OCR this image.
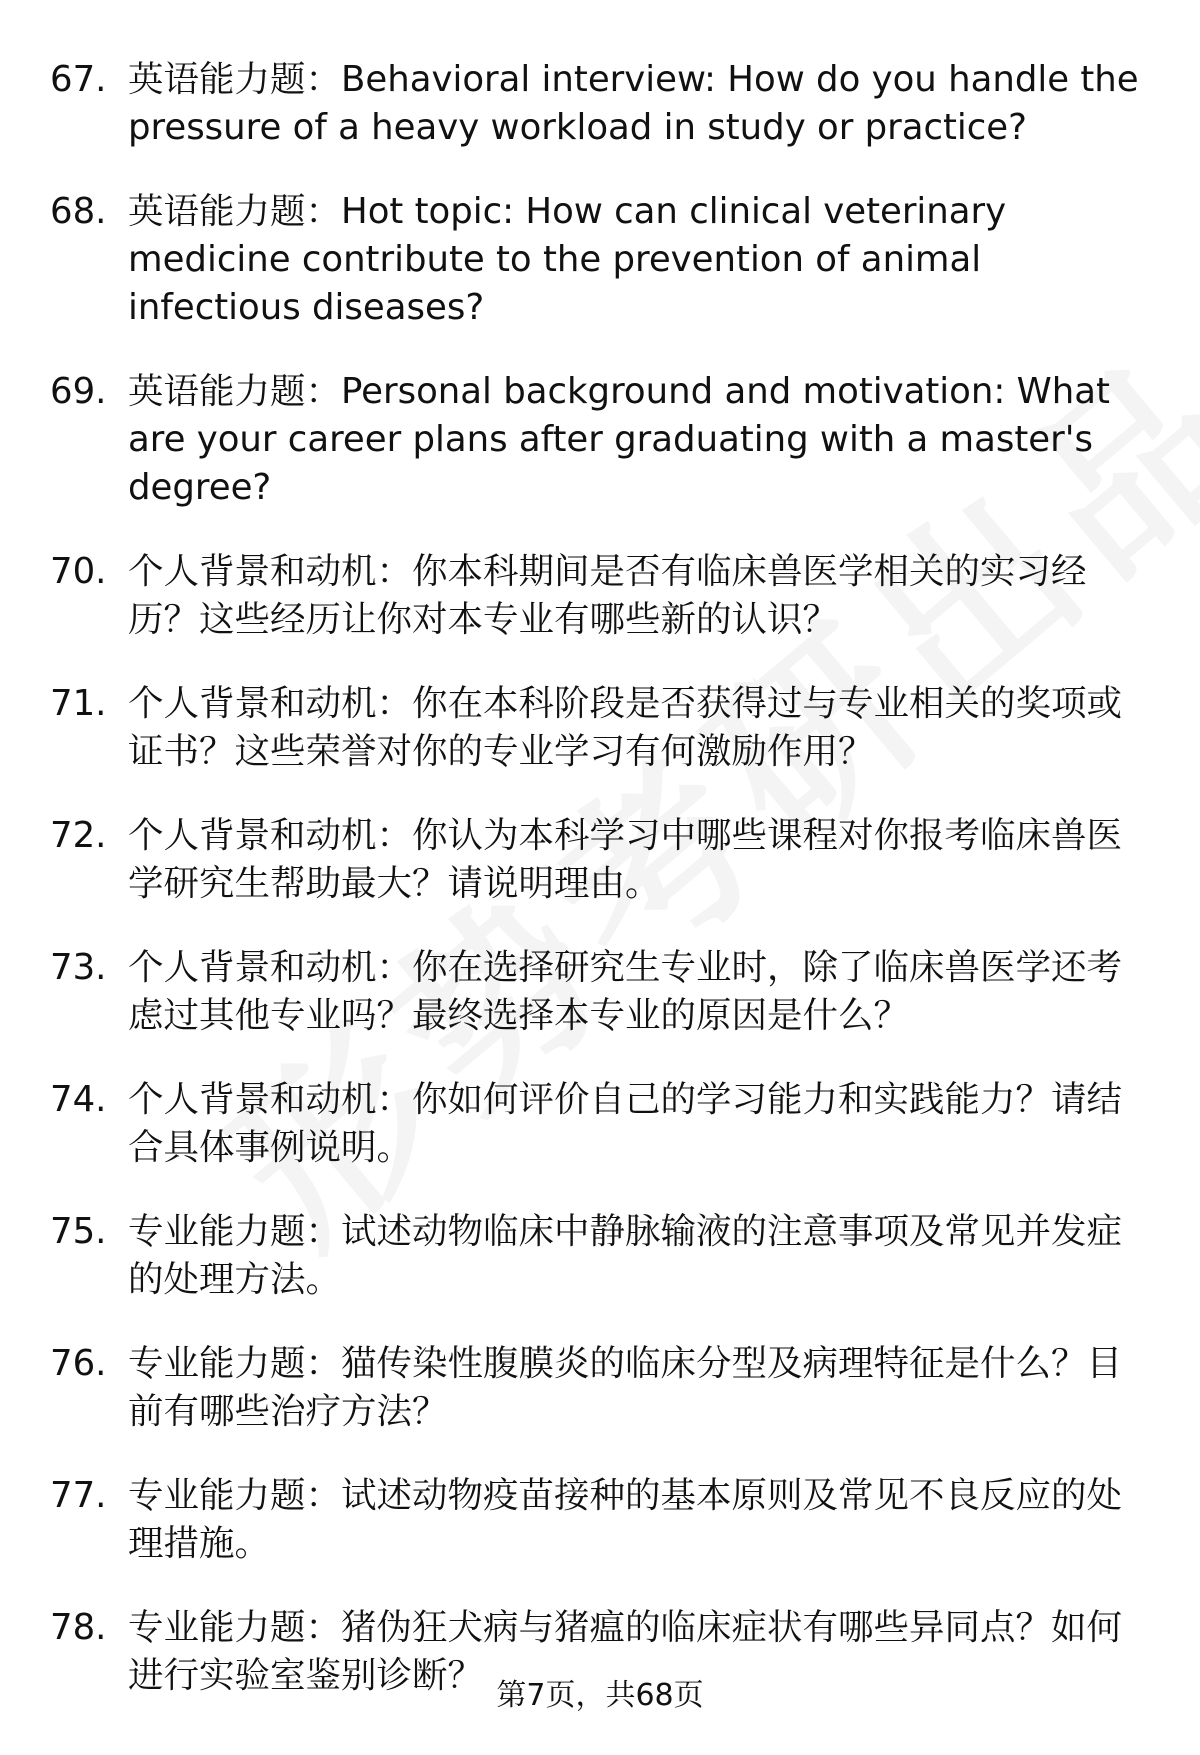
67. 英语能力题：Behavioral interview: How do you handle the pressure of a heavy workload in study or practice?
68. 英语能力题：Hot topic: How can clinical veterinary medicine contribute to the prevention of animal infectious diseases?
69. 英语能力题：Personal background and motivation: What are your career plans after graduating with a master's degree?
70. 个人背景和动机：你本科期间是否有临床兽医学相关的实习经历？这些经历让你对本专业有哪些新的认识？
71. 个人背景和动机：你在本科阶段是否获得过与专业相关的奖项或证书？这些荣誉对你的专业学习有何激励作用？
72. 个人背景和动机：你认为本科学习中哪些课程对你报考临床兽医学研究生帮助最大？请说明理由。
73. 个人背景和动机：你在选择研究生专业时，除了临床兽医学还考虑过其他专业吗？最终选择本专业的原因是什么？
74. 个人背景和动机：你如何评价自己的学习能力和实践能力？请结合具体事例说明。
75. 专业能力题：试述动物临床中静脉输液的注意事项及常见并发症的处理方法。
76. 专业能力题：猫传染性腹膜炎的临床分型及病理特征是什么？目前有哪些治疗方法？
77. 专业能力题：试述动物疫苗接种的基本原则及常见不良反应的处理措施。
78. 专业能力题：猪伪狂犬病与猪瘟的临床症状有哪些异同点？如何进行实验室鉴别诊断？ 第7页，共68页
